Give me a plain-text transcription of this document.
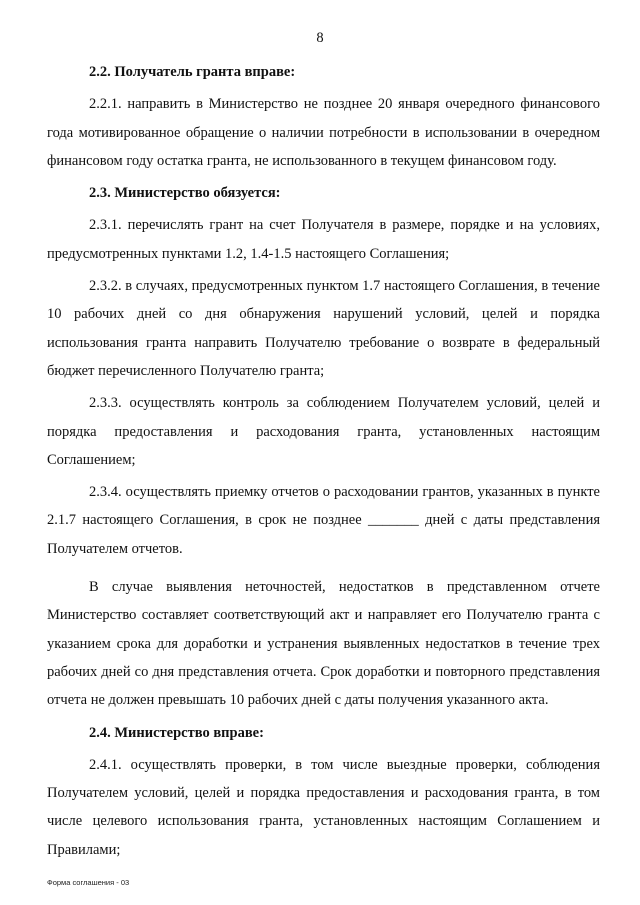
8

2.2. Получатель гранта вправе:

2.2.1. направить в Министерство не позднее 20 января очередного финансового года мотивированное обращение о наличии потребности в использовании в очередном финансовом году остатка гранта, не использованного в текущем финансовом году.

2.3. Министерство обязуется:

2.3.1. перечислять грант на счет Получателя в размере, порядке и на условиях, предусмотренных пунктами 1.2, 1.4-1.5 настоящего Соглашения;

2.3.2. в случаях, предусмотренных пунктом 1.7 настоящего Соглашения, в течение 10 рабочих дней со дня обнаружения нарушений условий, целей и порядка использования гранта направить Получателю требование о возврате в федеральный бюджет перечисленного Получателю гранта;

2.3.3. осуществлять контроль за соблюдением Получателем условий, целей и порядка предоставления и расходования гранта, установленных настоящим Соглашением;

2.3.4. осуществлять приемку отчетов о расходовании грантов, указанных в пункте 2.1.7 настоящего Соглашения, в срок не позднее _______ дней с даты представления Получателем отчетов.

В случае выявления неточностей, недостатков в представленном отчете Министерство составляет соответствующий акт и направляет его Получателю гранта с указанием срока для доработки и устранения выявленных недостатков в течение трех рабочих дней со дня представления отчета. Срок доработки и повторного представления отчета не должен превышать 10 рабочих дней с даты получения указанного акта.

2.4. Министерство вправе:

2.4.1. осуществлять проверки, в том числе выездные проверки, соблюдения Получателем условий, целей и порядка предоставления и расходования гранта, в том числе целевого использования гранта, установленных настоящим Соглашением и Правилами;

Форма соглашения - 03
